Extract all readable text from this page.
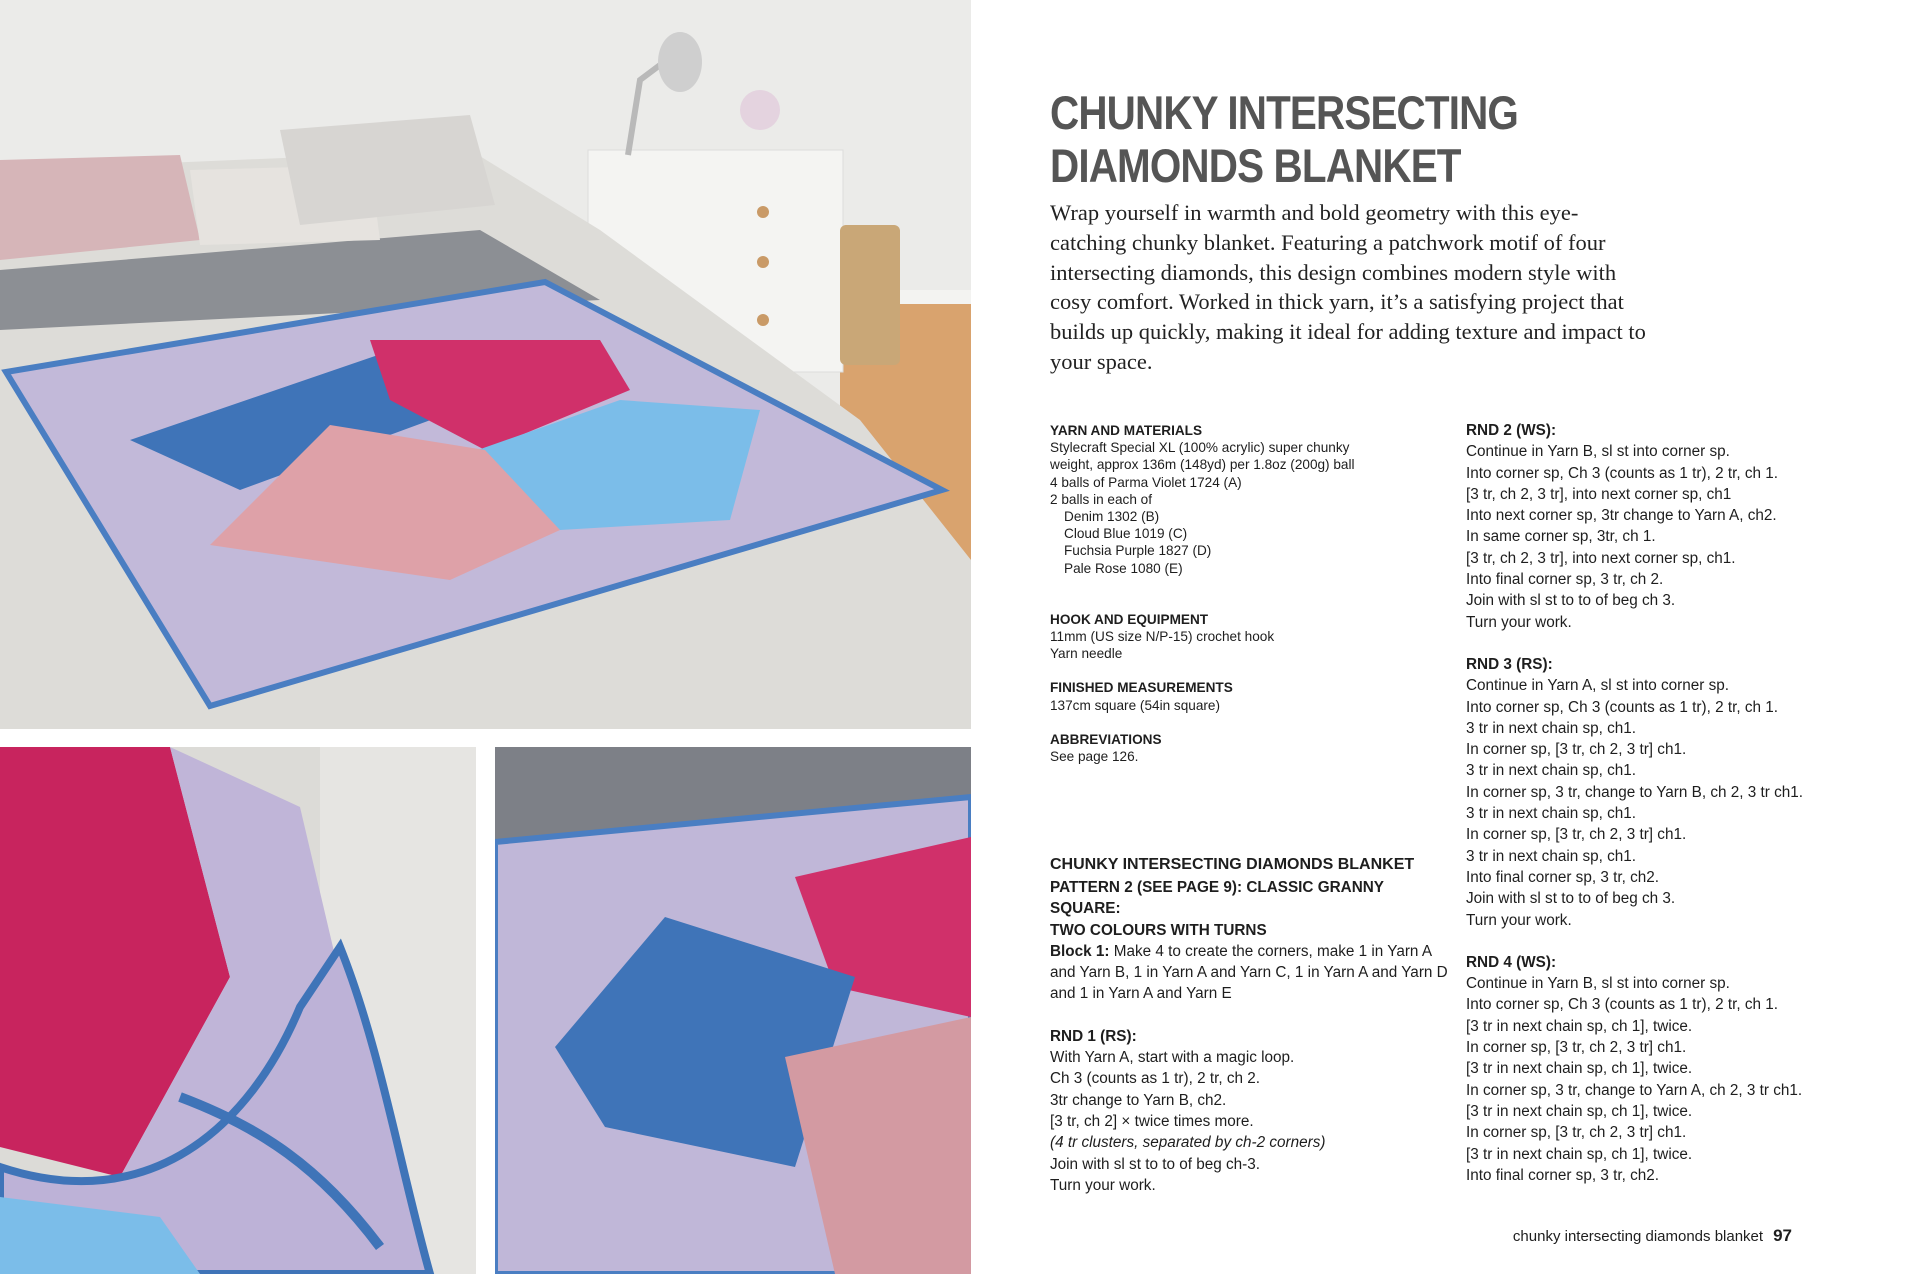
CHUNKY INTERSECTING
DIAMONDS BLANKET
Wrap yourself in warmth and bold geometry with this eye-catching chunky blanket. Featuring a patchwork motif of four intersecting diamonds, this design combines modern style with cosy comfort. Worked in thick yarn, it’s a satisfying project that builds up quickly, making it ideal for adding texture and impact to your space.
YARN AND MATERIALS
Stylecraft Special XL (100% acrylic) super chunky
weight, approx 136m (148yd) per 1.8oz (200g) ball
4 balls of Parma Violet 1724 (A)
2 balls in each of
Denim 1302 (B)
Cloud Blue 1019 (C)
Fuchsia Purple 1827 (D)
Pale Rose 1080 (E)
HOOK AND EQUIPMENT
11mm (US size N/P-15) crochet hook
Yarn needle
FINISHED MEASUREMENTS
137cm square (54in square)
ABBREVIATIONS
See page 126.
CHUNKY INTERSECTING DIAMONDS BLANKET
PATTERN 2 (SEE PAGE 9): CLASSIC GRANNY SQUARE:
TWO COLOURS WITH TURNS
Block 1: Make 4 to create the corners, make 1 in Yarn A and Yarn B, 1 in Yarn A and Yarn C, 1 in Yarn A and Yarn D and 1 in Yarn A and Yarn E
RND 1 (RS):
With Yarn A, start with a magic loop.
Ch 3 (counts as 1 tr), 2 tr, ch 2.
3tr change to Yarn B, ch2.
[3 tr, ch 2] × twice times more.
(4 tr clusters, separated by ch-2 corners)
Join with sl st to to of beg ch-3.
Turn your work.
RND 2 (WS):
Continue in Yarn B, sl st into corner sp.
Into corner sp, Ch 3 (counts as 1 tr), 2 tr, ch 1.
[3 tr, ch 2, 3 tr], into next corner sp, ch1
Into next corner sp, 3tr change to Yarn A, ch2.
In same corner sp, 3tr, ch 1.
[3 tr, ch 2, 3 tr], into next corner sp, ch1.
Into final corner sp, 3 tr, ch 2.
Join with sl st to to of beg ch 3.
Turn your work.
RND 3 (RS):
Continue in Yarn A, sl st into corner sp.
Into corner sp, Ch 3 (counts as 1 tr), 2 tr, ch 1.
3 tr in next chain sp, ch1.
In corner sp, [3 tr, ch 2, 3 tr] ch1.
3 tr in next chain sp, ch1.
In corner sp, 3 tr, change to Yarn B, ch 2, 3 tr ch1.
3 tr in next chain sp, ch1.
In corner sp, [3 tr, ch 2, 3 tr] ch1.
3 tr in next chain sp, ch1.
Into final corner sp, 3 tr, ch2.
Join with sl st to to of beg ch 3.
Turn your work.
RND 4 (WS):
Continue in Yarn B, sl st into corner sp.
Into corner sp, Ch 3 (counts as 1 tr), 2 tr, ch 1.
[3 tr in next chain sp, ch 1], twice.
In corner sp, [3 tr, ch 2, 3 tr] ch1.
[3 tr in next chain sp, ch 1], twice.
In corner sp, 3 tr, change to Yarn A, ch 2, 3 tr ch1.
[3 tr in next chain sp, ch 1], twice.
In corner sp, [3 tr, ch 2, 3 tr] ch1.
[3 tr in next chain sp, ch 1], twice.
Into final corner sp, 3 tr, ch2.
chunky intersecting diamonds blanket 97
